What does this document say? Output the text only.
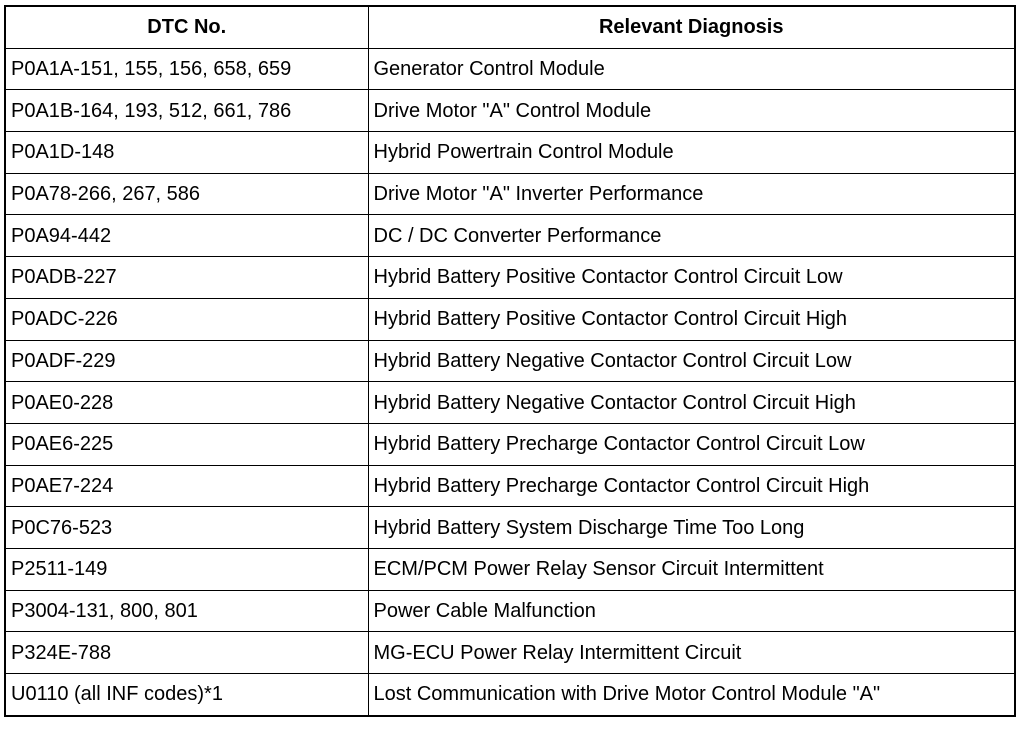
DTC No.	Relevant Diagnosis
P0A1A-151, 155, 156, 658, 659	Generator Control Module
P0A1B-164, 193, 512, 661, 786	Drive Motor "A" Control Module
P0A1D-148	Hybrid Powertrain Control Module
P0A78-266, 267, 586	Drive Motor "A" Inverter Performance
P0A94-442	DC / DC Converter Performance
P0ADB-227	Hybrid Battery Positive Contactor Control Circuit Low
P0ADC-226	Hybrid Battery Positive Contactor Control Circuit High
P0ADF-229	Hybrid Battery Negative Contactor Control Circuit Low
P0AE0-228	Hybrid Battery Negative Contactor Control Circuit High
P0AE6-225	Hybrid Battery Precharge Contactor Control Circuit Low
P0AE7-224	Hybrid Battery Precharge Contactor Control Circuit High
P0C76-523	Hybrid Battery System Discharge Time Too Long
P2511-149	ECM/PCM Power Relay Sensor Circuit Intermittent
P3004-131, 800, 801	Power Cable Malfunction
P324E-788	MG-ECU Power Relay Intermittent Circuit
U0110 (all INF codes)*1	Lost Communication with Drive Motor Control Module "A"
